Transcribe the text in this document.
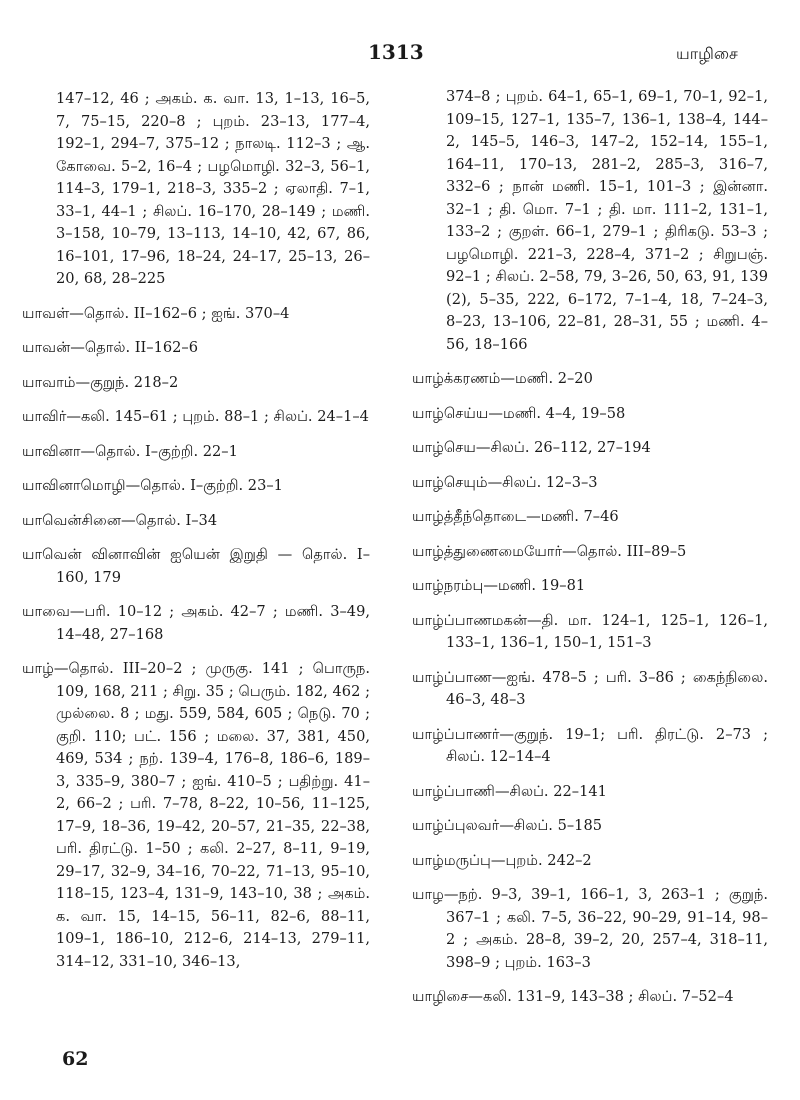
1313	யாழிசை

147–12, 46 ; அகம். க. வா. 13, 1–13, 16–5, 7, 75–15, 220–8 ; புறம். 23–13, 177–4, 192–1, 294–7, 375–12 ; நாலடி. 112–3 ; ஆ. கோவை. 5–2, 16–4 ; பழமொழி. 32–3, 56–1, 114–3, 179–1, 218–3, 335–2 ; ஏலாதி. 7–1, 33–1, 44–1 ; சிலப். 16–170, 28–149 ; மணி. 3–158, 10–79, 13–113, 14–10, 42, 67, 86, 16–101, 17–96, 18–24, 24–17, 25–13, 26–20, 68, 28–225

யாவள்—தொல். II–162–6 ; ஐங். 370–4

யாவன்—தொல். II–162–6

யாவாம்—குறுந். 218–2

யாவிர்—கலி. 145–61 ; புறம். 88–1 ; சிலப். 24–1–4

யாவினா—தொல். I–குற்றி. 22–1

யாவினாமொழி—தொல். I–குற்றி. 23–1

யாவென்சினை—தொல். I–34

யாவென் வினாவின் ஐயென் இறுதி — தொல். I–160, 179

யாவை—பரி. 10–12 ; அகம். 42–7 ; மணி. 3–49, 14–48, 27–168

யாழ்—தொல். III–20–2 ; முருகு. 141 ; பொருந. 109, 168, 211 ; சிறு. 35 ; பெரும். 182, 462 ; முல்லை. 8 ; மது. 559, 584, 605 ; நெடு. 70 ; குறி. 110; பட். 156 ; மலை. 37, 381, 450, 469, 534 ; நற். 139–4, 176–8, 186–6, 189–3, 335–9, 380–7 ; ஐங். 410–5 ; பதிற்று. 41–2, 66–2 ; பரி. 7–78, 8–22, 10–56, 11–125, 17–9, 18–36, 19–42, 20–57, 21–35, 22–38, பரி. திரட்டு. 1–50 ; கலி. 2–27, 8–11, 9–19, 29–17, 32–9, 34–16, 70–22, 71–13, 95–10, 118–15, 123–4, 131–9, 143–10, 38 ; அகம். க. வா. 15, 14–15, 56–11, 82–6, 88–11, 109–1, 186–10, 212–6, 214–13, 279–11, 314–12, 331–10, 346–13,

374–8 ; புறம். 64–1, 65–1, 69–1, 70–1, 92–1, 109–15, 127–1, 135–7, 136–1, 138–4, 144–2, 145–5, 146–3, 147–2, 152–14, 155–1, 164–11, 170–13, 281–2, 285–3, 316–7, 332–6 ; நான் மணி. 15–1, 101–3 ; இன்னா. 32–1 ; தி. மொ. 7–1 ; தி. மா. 111–2, 131–1, 133–2 ; குறள். 66–1, 279–1 ; திரிகடு. 53–3 ; பழமொழி. 221–3, 228–4, 371–2 ; சிறுபஞ். 92–1 ; சிலப். 2–58, 79, 3–26, 50, 63, 91, 139 (2), 5–35, 222, 6–172, 7–1–4, 18, 7–24–3, 8–23, 13–106, 22–81, 28–31, 55 ; மணி. 4–56, 18–166

யாழ்க்கரணம்—மணி. 2–20

யாழ்செய்ய—மணி. 4–4, 19–58

யாழ்செய—சிலப். 26–112, 27–194

யாழ்செயும்—சிலப். 12–3–3

யாழ்த்தீந்தொடை—மணி. 7–46

யாழ்த்துணைமையோர்—தொல். III–89–5

யாழ்நரம்பு—மணி. 19–81

யாழ்ப்பாணமகன்—தி. மா. 124–1, 125–1, 126–1, 133–1, 136–1, 150–1, 151–3

யாழ்ப்பாண—ஐங். 478–5 ; பரி. 3–86 ; கைந்நிலை. 46–3, 48–3

யாழ்ப்பாணர்—குறுந். 19–1; பரி. திரட்டு. 2–73 ; சிலப். 12–14–4

யாழ்ப்பாணி—சிலப். 22–141

யாழ்ப்புலவர்—சிலப். 5–185

யாழ்மருப்பு—புறம். 242–2

யாழ—நற். 9–3, 39–1, 166–1, 3, 263–1 ; குறுந். 367–1 ; கலி. 7–5, 36–22, 90–29, 91–14, 98–2 ; அகம். 28–8, 39–2, 20, 257–4, 318–11, 398–9 ; புறம். 163–3

யாழிசை—கலி. 131–9, 143–38 ; சிலப். 7–52–4

62
